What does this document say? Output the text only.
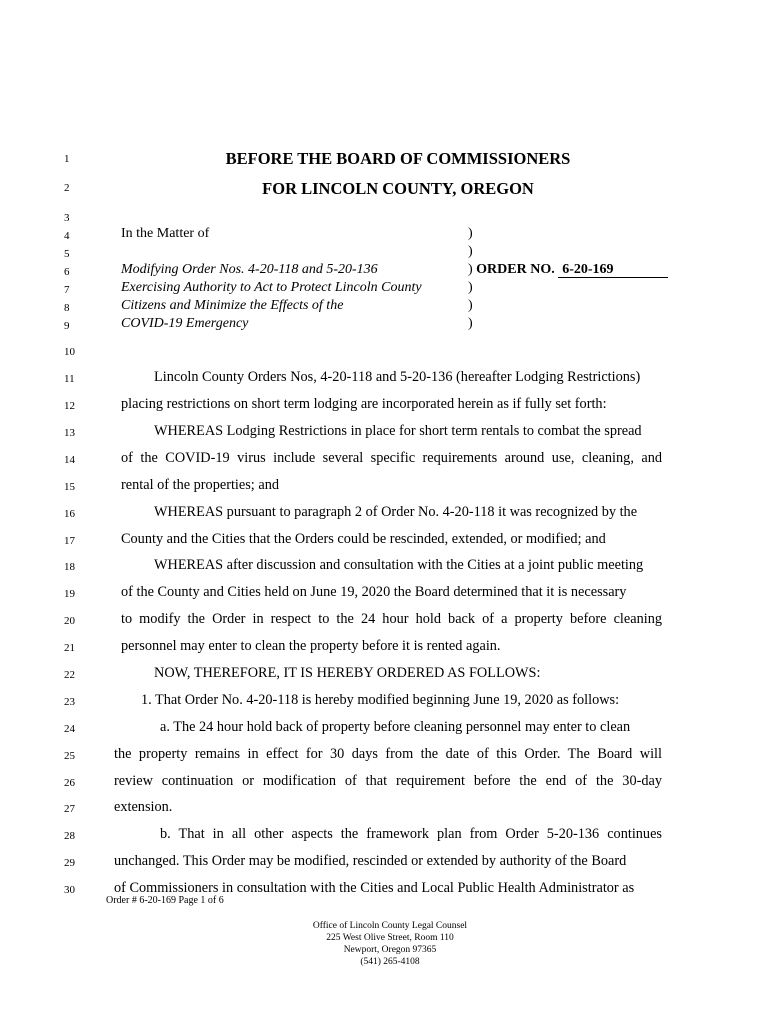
1
2
3
4
5
6
7
8
9
10
11
12
13
14
15
16
17
18
19
20
21
22
23
24
25
26
27
28
29
30
BEFORE THE BOARD OF COMMISSIONERS
FOR LINCOLN COUNTY, OREGON
In the Matter of
Modifying Order Nos. 4-20-118 and 5-20-136
Exercising Authority to Act to Protect Lincoln County
Citizens and Minimize the Effects of the
COVID-19 Emergency
)
)
) ORDER NO. 6-20-169
)
)
)
Lincoln County Orders Nos, 4-20-118 and 5-20-136 (hereafter Lodging Restrictions)
placing restrictions on short term lodging are incorporated herein as if fully set forth:
WHEREAS Lodging Restrictions in place for short term rentals to combat the spread
of the COVID-19 virus include several specific requirements around use, cleaning, and
rental of the properties; and
WHEREAS pursuant to paragraph 2 of Order No. 4-20-118 it was recognized by the
County and the Cities that the Orders could be rescinded, extended, or modified; and
WHEREAS after discussion and consultation with the Cities at a joint public meeting
of the County and Cities held on June 19, 2020 the Board determined that it is necessary
to modify the Order in respect to the 24 hour hold back of a property before cleaning
personnel may enter to clean the property before it is rented again.
NOW, THEREFORE, IT IS HEREBY ORDERED AS FOLLOWS:
1. That Order No. 4-20-118 is hereby modified beginning June 19, 2020 as follows:
a. The 24 hour hold back of property before cleaning personnel may enter to clean
the property remains in effect for 30 days from the date of this Order. The Board will
review continuation or modification of that requirement before the end of the 30-day
extension.
b. That in all other aspects the framework plan from Order 5-20-136 continues
unchanged. This Order may be modified, rescinded or extended by authority of the Board
of Commissioners in consultation with the Cities and Local Public Health Administrator as
Order # 6-20-169 Page 1 of 6
Office of Lincoln County Legal Counsel
225 West Olive Street, Room 110
Newport, Oregon 97365
(541) 265-4108
